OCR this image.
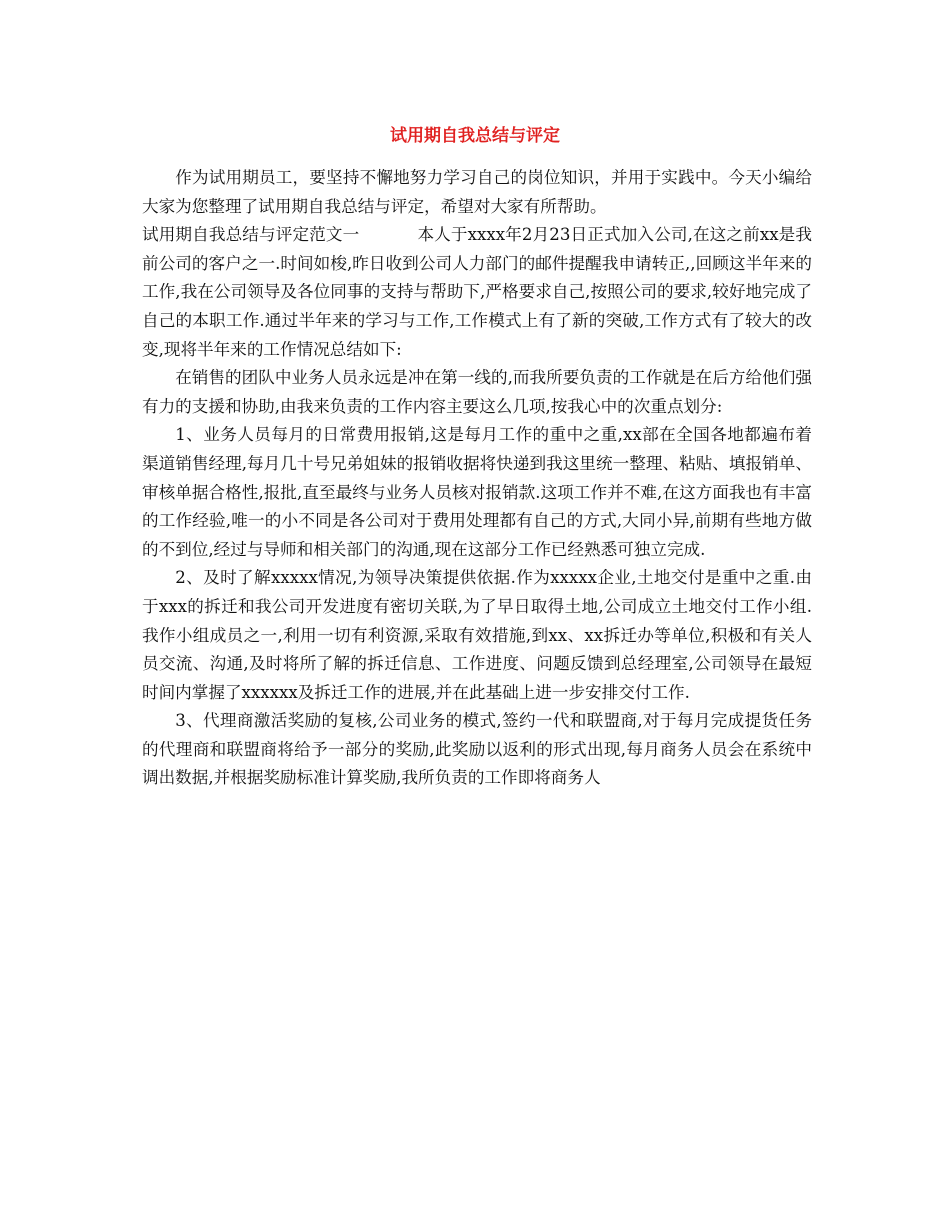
试用期自我总结与评定

作为试用期员工，要坚持不懈地努力学习自己的岗位知识，并用于实践中。今天小编给大家为您整理了试用期自我总结与评定，希望对大家有所帮助。

试用期自我总结与评定范文一	本人于xxxx年2月23日正式加入公司,在这之前xx是我前公司的客户之一.时间如梭,昨日收到公司人力部门的邮件提醒我申请转正,,回顾这半年来的工作,我在公司领导及各位同事的支持与帮助下,严格要求自己,按照公司的要求,较好地完成了自己的本职工作.通过半年来的学习与工作,工作模式上有了新的突破,工作方式有了较大的改变,现将半年来的工作情况总结如下:

在销售的团队中业务人员永远是冲在第一线的,而我所要负责的工作就是在后方给他们强有力的支援和协助,由我来负责的工作内容主要这么几项,按我心中的次重点划分:

1、业务人员每月的日常费用报销,这是每月工作的重中之重,xx部在全国各地都遍布着渠道销售经理,每月几十号兄弟姐妹的报销收据将快递到我这里统一整理、粘贴、填报销单、审核单据合格性,报批,直至最终与业务人员核对报销款.这项工作并不难,在这方面我也有丰富的工作经验,唯一的小不同是各公司对于费用处理都有自己的方式,大同小异,前期有些地方做的不到位,经过与导师和相关部门的沟通,现在这部分工作已经熟悉可独立完成.

2、及时了解xxxxx情况,为领导决策提供依据.作为xxxxx企业,土地交付是重中之重.由于xxx的拆迁和我公司开发进度有密切关联,为了早日取得土地,公司成立土地交付工作小组.我作小组成员之一,利用一切有利资源,采取有效措施,到xx、xx拆迁办等单位,积极和有关人员交流、沟通,及时将所了解的拆迁信息、工作进度、问题反馈到总经理室,公司领导在最短时间内掌握了xxxxxx及拆迁工作的进展,并在此基础上进一步安排交付工作.

3、代理商激活奖励的复核,公司业务的模式,签约一代和联盟商,对于每月完成提货任务的代理商和联盟商将给予一部分的奖励,此奖励以返利的形式出现,每月商务人员会在系统中调出数据,并根据奖励标准计算奖励,我所负责的工作即将商务人
